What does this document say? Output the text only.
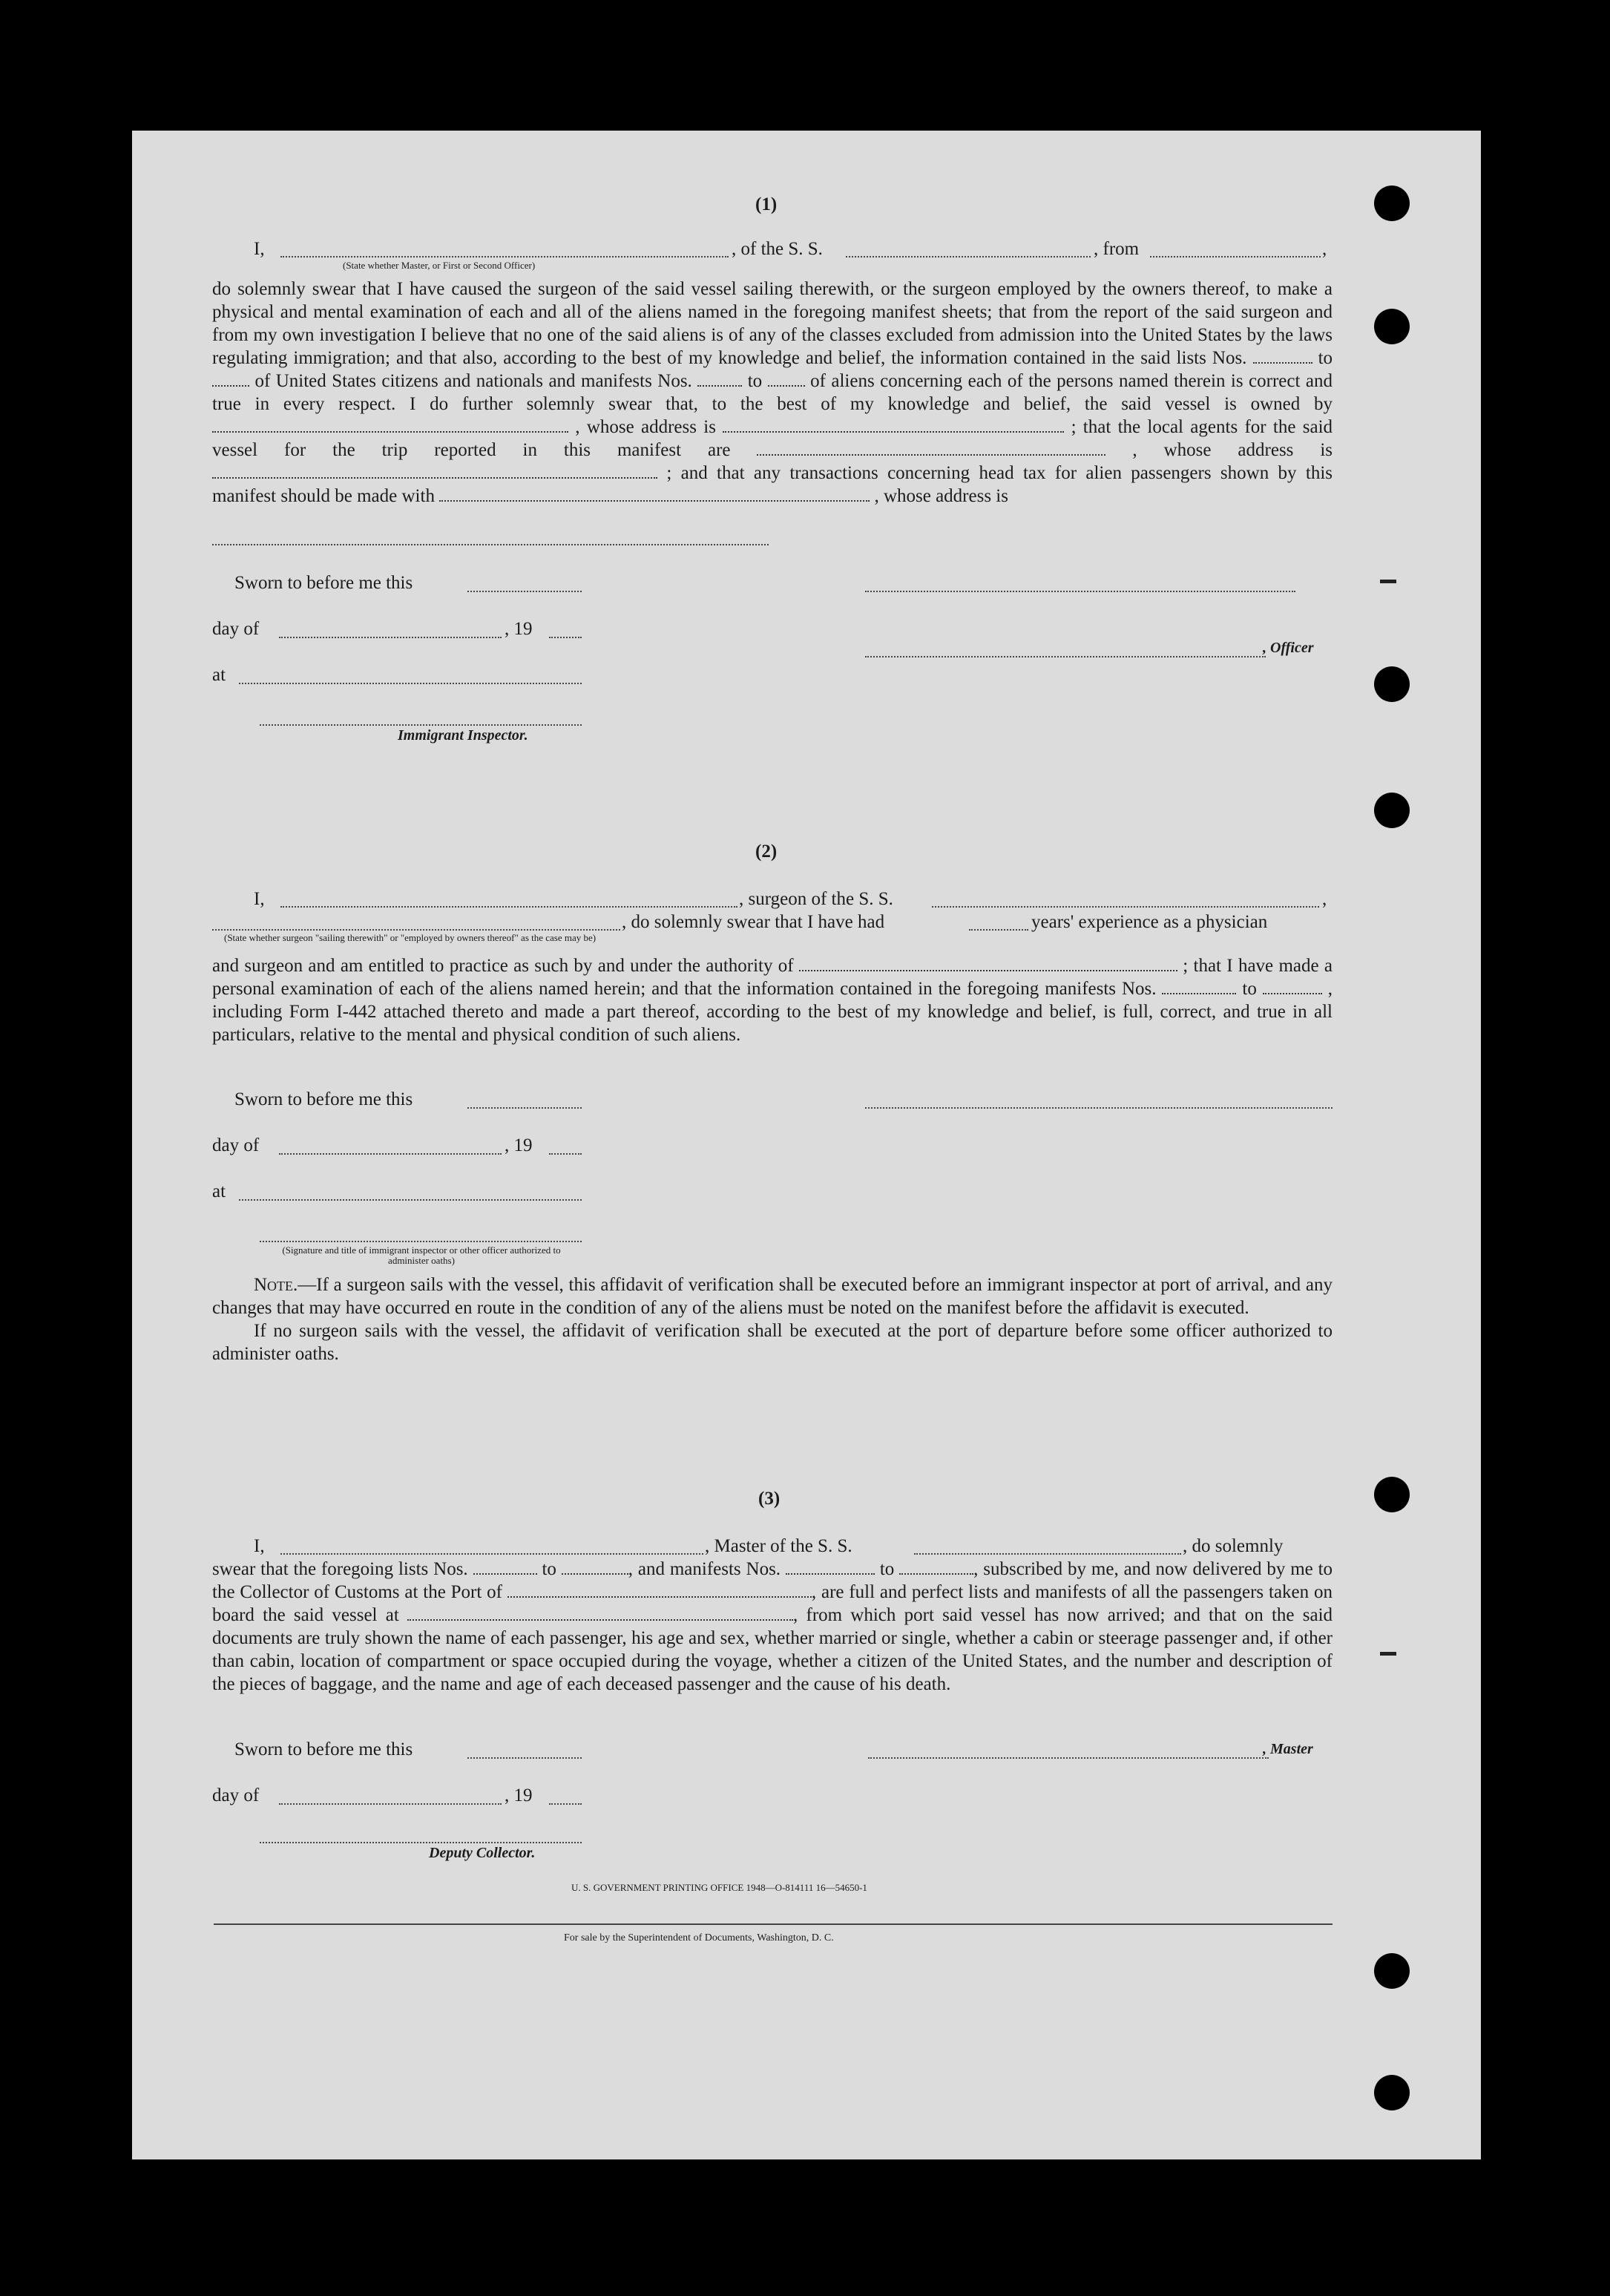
(1)
I,	, of the S. S.	, from	,
(State whether Master, or First or Second Officer)

do solemnly swear that I have caused the surgeon of the said vessel sailing therewith, or the surgeon employed by the owners thereof, to make a physical and mental examination of each and all of the aliens named in the foregoing manifest sheets; that from the report of the said surgeon and from my own investigation I believe that no one of the said aliens is of any of the classes excluded from admission into the United States by the laws regulating immigration; and that also, according to the best of my knowledge and belief, the information contained in the said lists Nos.	to  of United States citizens and nationals and manifests Nos.	to	of aliens concerning each of the persons named therein is correct and true in every respect. I do further solemnly swear that, to the best of my knowledge and belief, the said vessel is owned by  , whose address is	; that the local agents for the said vessel for the trip reported in this manifest are	, whose address is  ; and that any transactions concerning head tax for alien passengers shown by this manifest should be made with	, whose address is

Sworn to before me this
day of	, 19
, Officer
at
Immigrant Inspector.
(2)
I,	, surgeon of the S. S.	,
, do solemnly swear that I have had	years' experience as a physician
(State whether surgeon "sailing therewith" or "employed by owners thereof" as the case may be)

and surgeon and am entitled to practice as such by and under the authority of	; that I have made a personal examination of each of the aliens named herein; and that the information contained in the foregoing manifests Nos.	to	, including Form I-442 attached thereto and made a part thereof, according to the best of my knowledge and belief, is full, correct, and true in all particulars, relative to the mental and physical condition of such aliens.

Sworn to before me this
day of	, 19
at
(Signature and title of immigrant inspector or other officer authorized to administer oaths)

Note.—If a surgeon sails with the vessel, this affidavit of verification shall be executed before an immigrant inspector at port of arrival, and any changes that may have occurred en route in the condition of any of the aliens must be noted on the manifest before the affidavit is executed.

If no surgeon sails with the vessel, the affidavit of verification shall be executed at the port of departure before some officer authorized to administer oaths.

(3)
I,	, Master of the S. S.	, do solemnly

swear that the foregoing lists Nos.	to	, and manifests Nos.	to	, subscribed by me, and now delivered by me to the Collector of Customs at the Port of	, are full and perfect lists and manifests of all the passengers taken on board the said vessel at	, from which port said vessel has now arrived; and that on the said documents are truly shown the name of each passenger, his age and sex, whether married or single, whether a cabin or steerage passenger and, if other than cabin, location of compartment or space occupied during the voyage, whether a citizen of the United States, and the number and description of the pieces of baggage, and the name and age of each deceased passenger and the cause of his death.

Sworn to before me this	, Master
day of	, 19
Deputy Collector.
U. S. GOVERNMENT PRINTING OFFICE 1948—O-814111 16—54650-1
For sale by the Superintendent of Documents, Washington, D. C.
